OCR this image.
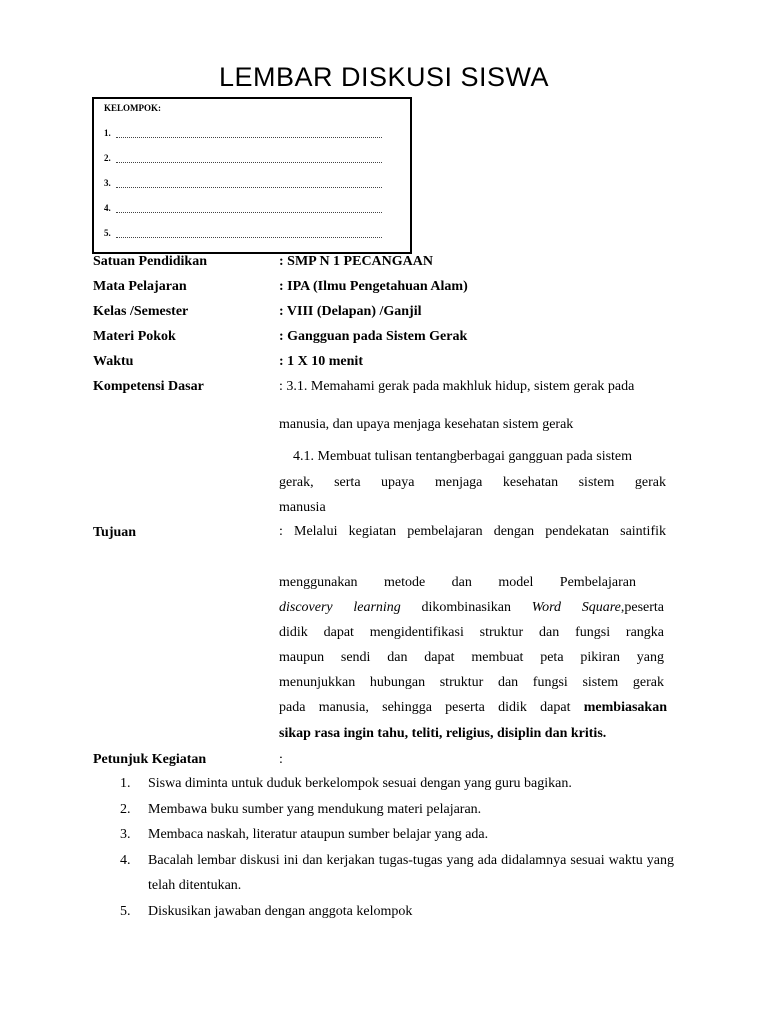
LEMBAR DISKUSI SISWA
KELOMPOK:
1.
2.
3.
4.
5.
Satuan Pendidikan	: SMP N 1 PECANGAAN
Mata Pelajaran	: IPA (Ilmu Pengetahuan Alam)
Kelas /Semester	: VIII (Delapan) /Ganjil
Materi Pokok	: Gangguan pada Sistem Gerak
Waktu	: 1 X 10 menit
Kompetensi Dasar	: 3.1. Memahami gerak pada makhluk hidup, sistem gerak pada
manusia, dan upaya menjaga kesehatan sistem gerak
4.1. Membuat tulisan tentangberbagai gangguan pada sistem
gerak, serta upaya menjaga kesehatan sistem gerak
manusia
Tujuan	: Melalui kegiatan pembelajaran dengan pendekatan saintifik
menggunakan metode dan model Pembelajaran
discovery learning dikombinasikan Word Square,peserta
didik dapat mengidentifikasi struktur dan fungsi rangka
maupun sendi dan dapat membuat peta pikiran yang
menunjukkan hubungan struktur dan fungsi sistem gerak
pada manusia, sehingga peserta didik dapat membiasakan
sikap rasa ingin tahu, teliti, religius, disiplin dan kritis.
Petunjuk Kegiatan	:
1. Siswa diminta untuk duduk berkelompok sesuai dengan yang guru bagikan.
2. Membawa buku sumber yang mendukung materi pelajaran.
3. Membaca naskah, literatur ataupun sumber belajar yang ada.
4. Bacalah lembar diskusi ini dan kerjakan tugas-tugas yang ada didalamnya sesuai waktu yang telah ditentukan.
5. Diskusikan jawaban dengan anggota kelompok
